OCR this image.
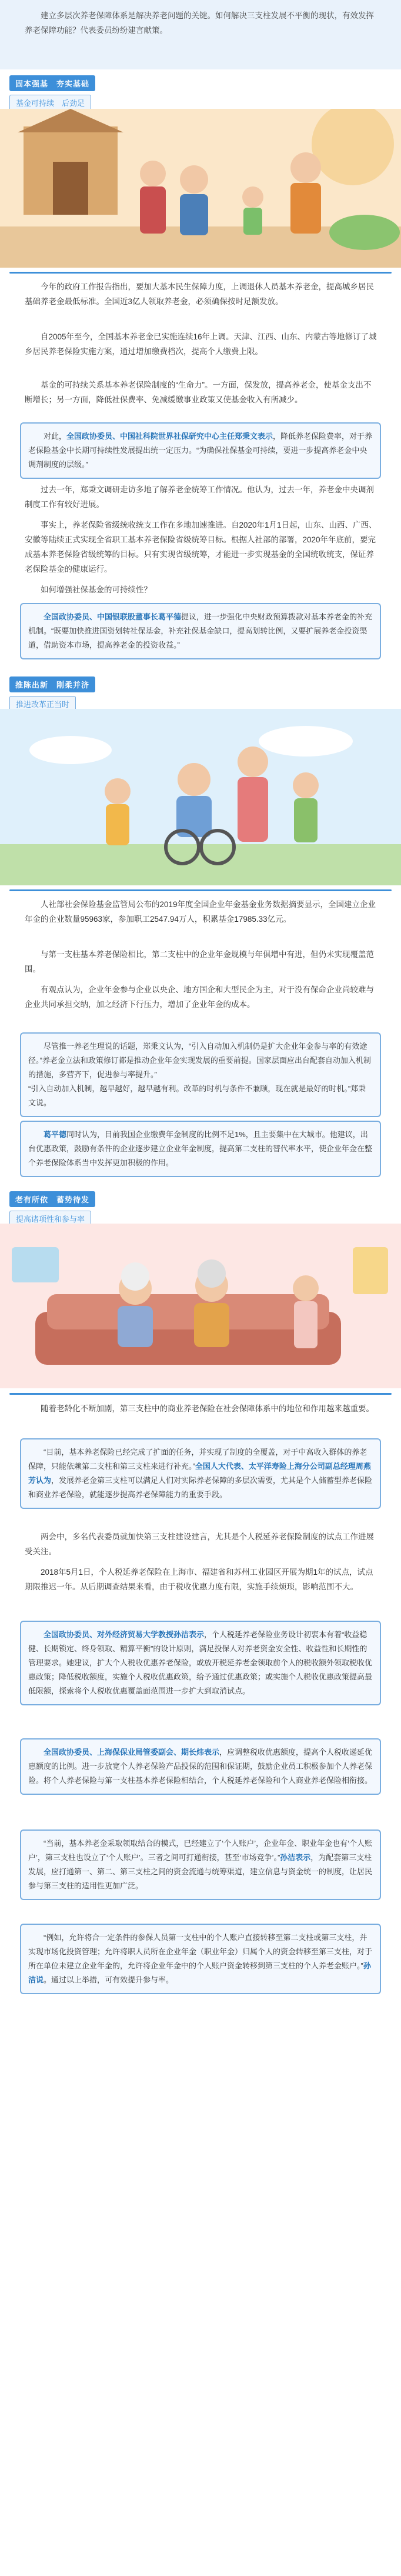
建立多层次养老保障体系是解决养老问题的关键。如何解决三支柱发展不平衡的现状，有效发挥养老保障功能？代表委员纷纷建言献策。

固本强基　夯实基础
基金可持续　后劲足

今年的政府工作报告指出，要加大基本民生保障力度，上调退休人员基本养老金，提高城乡居民基础养老金最低标准。全国近3亿人领取养老金，必须确保按时足额发放。

自2005年至今，全国基本养老金已实施连续16年上调。天津、江西、山东、内蒙古等地修订了城乡居民养老保险实施方案，通过增加缴费档次，提高个人缴费上限。

基金的可持续关系基本养老保险制度的“生命力”。一方面，保发放，提高养老金，使基金支出不断增长；另一方面，降低社保费率、免减缓缴事业政策又使基金收入有所减少。

对此，全国政协委员、中国社科院世界社保研究中心主任郑秉文表示，降低养老保险费率，对于养老保险基金中长期可持续性发展提出统一定压力。“为确保社保基金可持续，要进一步提高养老金中央调剂制度的层级。”

过去一年，郑秉文调研走访多地了解养老金统筹工作情况。他认为，过去一年，养老金中央调剂制度工作有较好进展。

事实上，养老保险省级统收统支工作在多地加速推进。自2020年1月1日起，山东、山西、广西、安徽等陆续正式实现全省职工基本养老保险省级统筹目标。根据人社部的部署，2020年年底前，要完成基本养老保险省级统筹的目标。只有实现省级统筹，才能进一步实现基金的全国统收统支，保证养老保险基金的健康运行。

如何增强社保基金的可持续性？

全国政协委员、中国银联股董事长葛平德提议，进一步强化中央财政预算拨款对基本养老金的补充机制。“既要加快推进国资划转社保基金，补充社保基金缺口，提高划转比例，又要扩展养老金投资渠道，借助资本市场，提高养老金的投资收益。”
推陈出新　刚柔并济
推进改革正当时

人社部社会保险基金监管局公布的2019年度全国企业年金基金业务数据摘要显示，全国建立企业年金的企业数量95963家，参加职工2547.94万人，积累基金17985.33亿元。

与第一支柱基本养老保险相比，第二支柱中的企业年金规模与年俱增中有进，但仍未实现覆盖范围。

有观点认为，企业年金参与企业以央企、地方国企和大型民企为主，对于没有保命企业尚较难与企业共同承担交纳，加之经济下行压力，增加了企业年金的成本。

尽管推一养老生理说的话题，郑秉文认为，“引入自动加入机制仍是扩大企业年金参与率的有效途径。”养老金立法和政策修订都是推动企业年金实现发展的重要前提。国家层面应出台配套自动加入机制的措施，多营齐下，促进参与率提升。”
“引入自动加入机制，越早越好，越早越有利。改革的时机与条件不兼顾，现在就是最好的时机。”郑秉文说。
葛平德同时认为，目前我国企业缴费年金制度的比例不足1%，且主要集中在大城市。他建议，出台优惠政策，鼓励有条件的企业逐步建立企业年金制度，提高第二支柱的替代率水平，使企业年金在整个养老保险体系当中发挥更加积极的作用。
老有所依　蓄势待发
提高诸项性和参与率

随着老龄化不断加剧，第三支柱中的商业养老保险在社会保障体系中的地位和作用越来越重要。

“目前，基本养老保险已经完成了扩面的任务，并实现了制度的全覆盖，对于中高收入群体的养老保障，只能依赖第二支柱和第三支柱来进行补充。”全国人大代表、太平洋寿险上海分公司副总经理周燕芳认为，发展养老金第三支柱可以满足人们对实际养老保障的多层次需要，尤其是个人储蓄型养老保险和商业养老保险，就能逐步提高养老保障能力的重要手段。

两会中，多名代表委员就加快第三支柱建设建言，尤其是个人税延养老保险制度的试点工作进展受关注。

2018年5月1日，个人税延养老保险在上海市、福建省和苏州工业园区开展为期1年的试点，试点期限推迟一年。从后期调查结果来看，由于税收优惠力度有限，实施手续烦琐，影响范围不大。

全国政协委员、对外经济贸易大学教授孙洁表示，个人税延养老保险业务设计初衷本有着“收益稳健、长期锁定、终身领取、精算平衡”的设计原则，满足投保人对养老资金安全性、收益性和长期性的管理要求。她建议，扩大个人税收优惠养老保险，或放开税延养老金领取前个人的税收额外领取税收优惠政策；降低税收额度，实施个人税收优惠政策，给予通过优惠政策；或实施个人税收优惠政策提高最低限额，探索将个人税收优惠覆盖面范围进一步扩大到取消试点。
全国政协委员、上海保保业局管委副会、期长炜表示，应调整税收优惠额度，提高个人税收递延优惠额度的比例。进一步放宽个人养老保险产品投保的范围和保证期，鼓励企业员工积极参加个人养老保险。将个人养老保险与第一支柱基本养老保险相结合，个人税延养老保险和个人商业养老保险相衔接。
“当前，基本养老金采取领取结合的模式，已经建立了‘个人账户’，企业年金、职业年金也有‘个人账户’，第三支柱也设立了‘个人账户’。三者之间可打通衔接，甚至‘市场竞争’。”孙洁表示，为配套第三支柱发展，应打通第一、第二、第三支柱之间的资金流通与统筹渠道，建立信息与资金统一的制度，让居民参与第三支柱的适用性更加广泛。
“例如，允许将合一定条件的参保人员第一支柱中的个人账户直接转移至第二支柱或第三支柱，并实现市场化投资管理；允许将职人员所在企业年金（职业年金）归属个人的资金转移至第三支柱，对于所在单位未建立企业年金的，允许将企业年金中的个人账户资金转移到第三支柱的个人养老金账户。”孙洁说。通过以上举措，可有效提升参与率。
